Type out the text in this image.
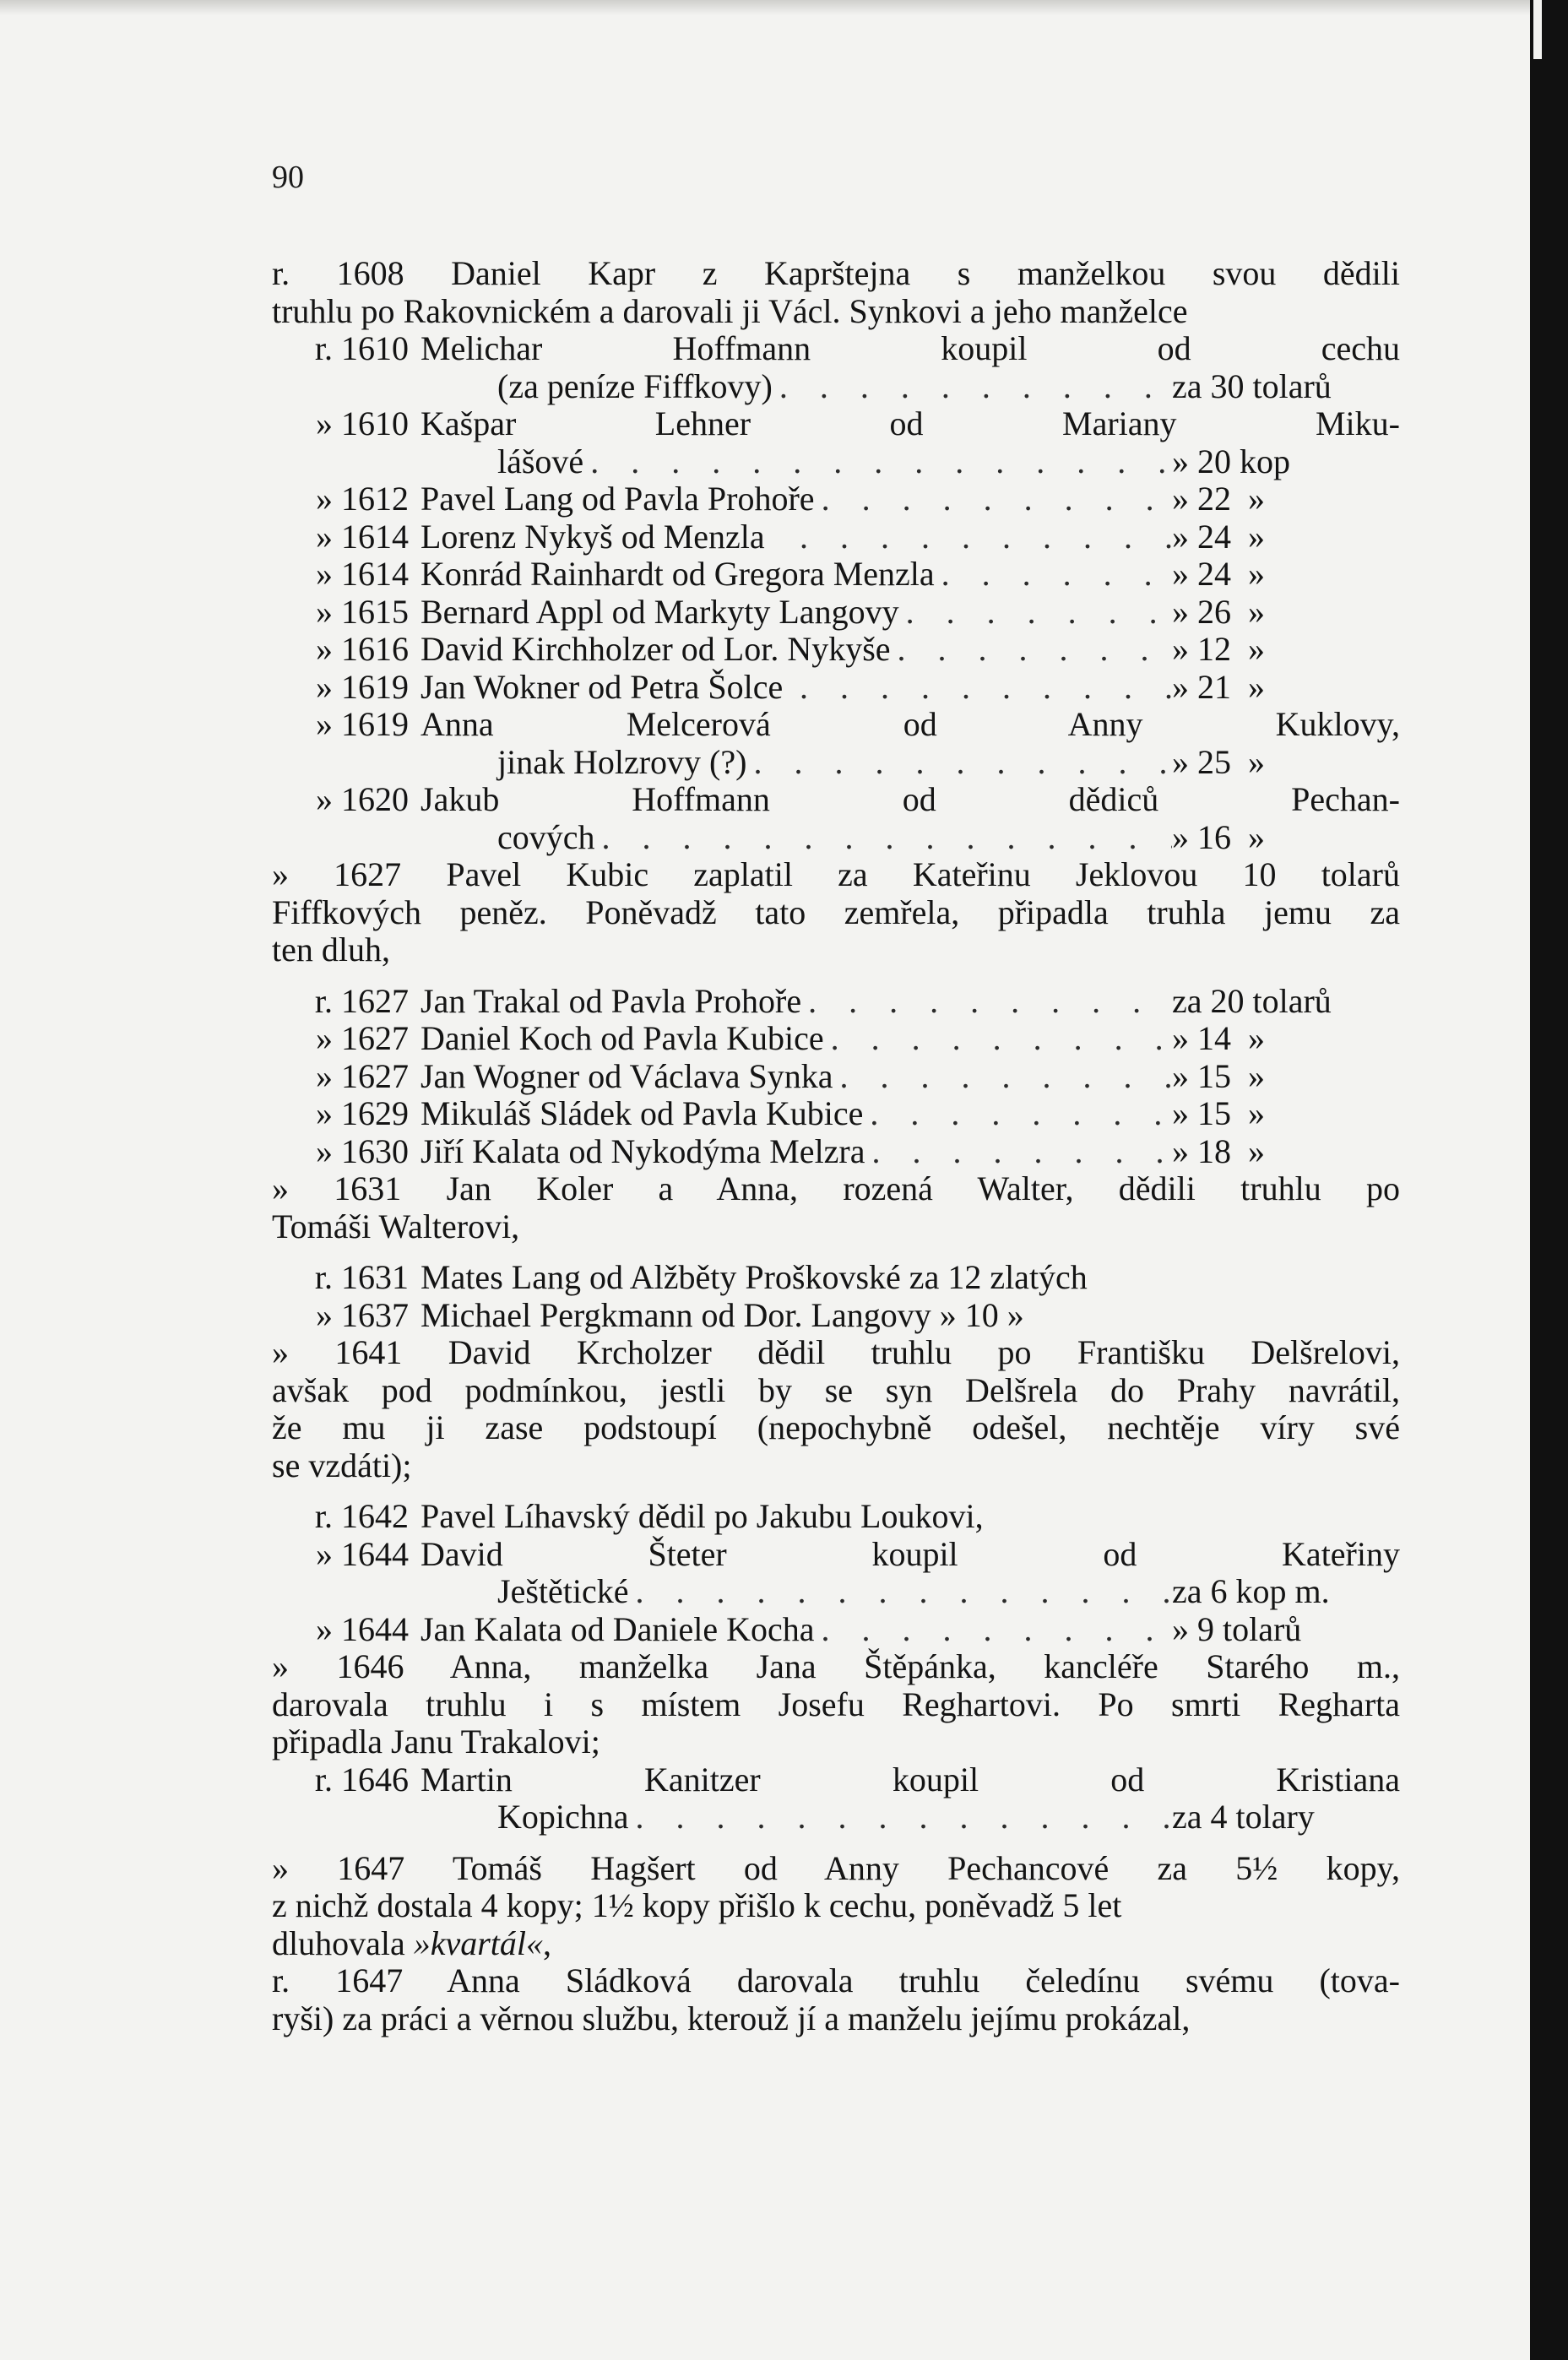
90
r. 1608 Daniel Kapr z Kaprštejna s manželkou svou dědili
truhlu po Rakovnickém a darovali ji Václ. Synkovi a jeho manželce
r. 1610 Melichar Hoffmann koupil od cechu
(za peníze Fiffkovy) . . .	za 30 tolarů
» 1610 Kašpar Lehner od Mariany Miku-
lášové . . .	» 20 kop
» 1612 Pavel Lang od Pavla Prohoře . . .	» 22  »
» 1614 Lorenz Nykyš od Menzla . . .	» 24  »
» 1614 Konrád Rainhardt od Gregora Menzla . . .	» 24  »
» 1615 Bernard Appl od Markyty Langovy . . .	» 26  »
» 1616 David Kirchholzer od Lor. Nykyše . . .	» 12  »
» 1619 Jan Wokner od Petra Šolce . . .	» 21  »
» 1619 Anna Melcerová od Anny Kuklovy,
jinak Holzrovy (?) . . .	» 25  »
» 1620 Jakub Hoffmann od dědiců Pechan-
cových . . .	» 16  »
» 1627 Pavel Kubic zaplatil za Kateřinu Jeklovou 10 tolarů
Fiffkových peněz. Poněvadž tato zemřela, připadla truhla jemu za
ten dluh,
r. 1627 Jan Trakal od Pavla Prohoře . . .	za 20 tolarů
» 1627 Daniel Koch od Pavla Kubice . . .	» 14  »
» 1627 Jan Wogner od Václava Synka . . .	» 15  »
» 1629 Mikuláš Sládek od Pavla Kubice . . .	» 15  »
» 1630 Jiří Kalata od Nykodýma Melzra . . .	» 18  »
» 1631 Jan Koler a Anna, rozená Walter, dědili truhlu po
Tomáši Walterovi,
r. 1631 Mates Lang od Alžběty Proškovské za 12 zlatých
» 1637 Michael Pergkmann od Dor. Langovy » 10 »
» 1641 David Krcholzer dědil truhlu po Františku Delšrelovi,
avšak pod podmínkou, jestli by se syn Delšrela do Prahy navrátil,
že mu ji zase podstoupí (nepochybně odešel, nechtěje víry své
se vzdáti);
r. 1642 Pavel Líhavský dědil po Jakubu Loukovi,
» 1644 David Šteter koupil od Kateřiny
Ještětické . . .	za 6 kop m.
» 1644 Jan Kalata od Daniele Kocha . . .	» 9 tolarů
» 1646 Anna, manželka Jana Štěpánka, kancléře Starého m.,
darovala truhlu i s místem Josefu Reghartovi. Po smrti Regharta
připadla Janu Trakalovi;
r. 1646 Martin Kanitzer koupil od Kristiana
Kopichna . . .	za 4 tolary
» 1647 Tomáš Hagšert od Anny Pechancové za 5½ kopy,
z nichž dostala 4 kopy; 1½ kopy přišlo k cechu, poněvadž 5 let
dluhovala »kvartál«,
r. 1647 Anna Sládková darovala truhlu čeledínu svému (tova-
ryši) za práci a věrnou službu, kterouž jí a manželu jejímu prokázal,
